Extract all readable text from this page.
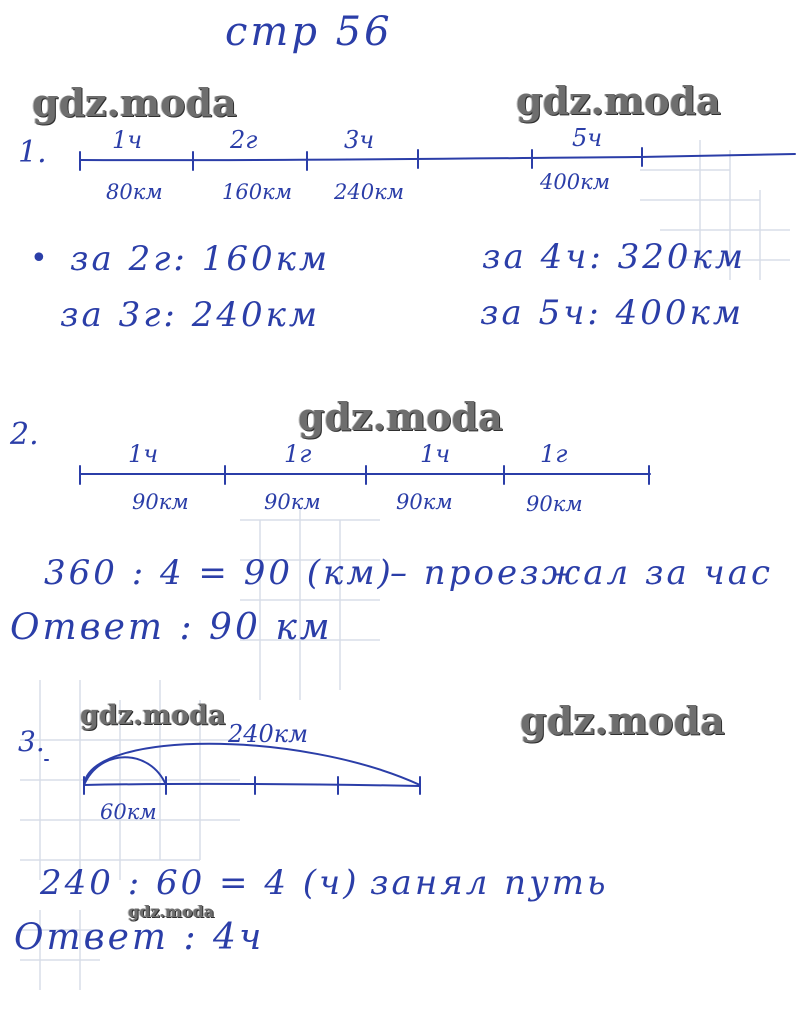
стр 56
gdz.moda	gdz.moda
gdz.moda
gdz.moda	gdz.moda
gdz.moda
1.	1ч	2г	3ч	5ч
80км	160км 240км	400км
• за 2г: 160км
за 3г: 240км
за 4ч: 320км
за 5ч: 400км
2.
1ч	1г	1ч	1г
90км	90км	90км	90км
360 : 4 = 90 (км)
– проезжал за час
Ответ : 90 км
3.	240км
60км
240 : 60 = 4 (ч) занял путь
Ответ : 4ч
